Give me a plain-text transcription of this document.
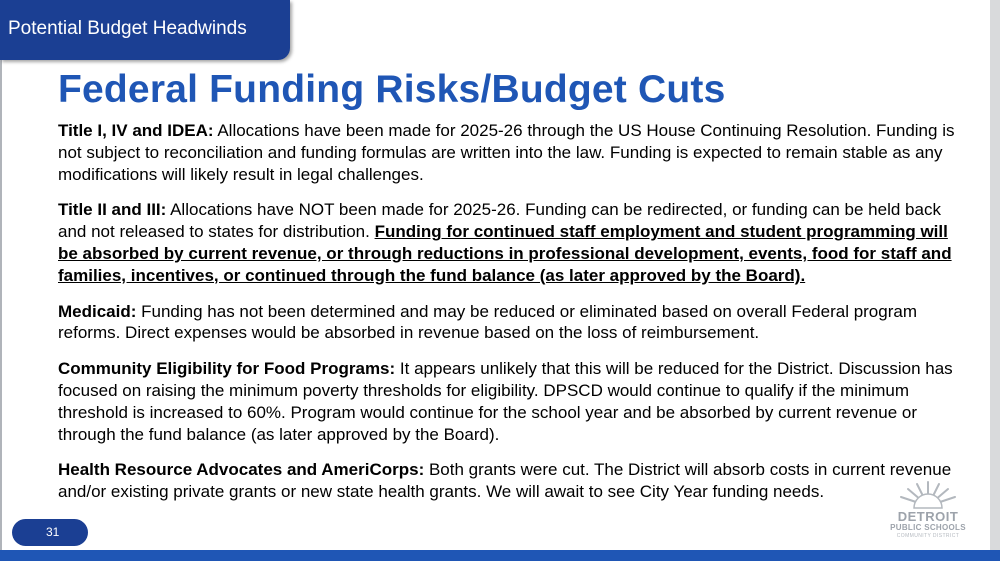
Potential Budget Headwinds
Federal Funding Risks/Budget Cuts

Title I, IV and IDEA: Allocations have been made for 2025-26 through the US House Continuing Resolution. Funding is not subject to reconciliation and funding formulas are written into the law. Funding is expected to remain stable as any modifications will likely result in legal challenges.

Title II and III: Allocations have NOT been made for 2025-26. Funding can be redirected, or funding can be held back and not released to states for distribution. Funding for continued staff employment and student programming will be absorbed by current revenue, or through reductions in professional development, events, food for staff and families, incentives, or continued through the fund balance (as later approved by the Board).

Medicaid: Funding has not been determined and may be reduced or eliminated based on overall Federal program reforms. Direct expenses would be absorbed in revenue based on the loss of reimbursement.

Community Eligibility for Food Programs: It appears unlikely that this will be reduced for the District. Discussion has focused on raising the minimum poverty thresholds for eligibility. DPSCD would continue to qualify if the minimum threshold is increased to 60%. Program would continue for the school year and be absorbed by current revenue or through the fund balance (as later approved by the Board).

Health Resource Advocates and AmeriCorps: Both grants were cut. The District will absorb costs in current revenue and/or existing private grants or new state health grants. We will await to see City Year funding needs.

DETROIT
PUBLIC SCHOOLS
COMMUNITY DISTRICT
31
